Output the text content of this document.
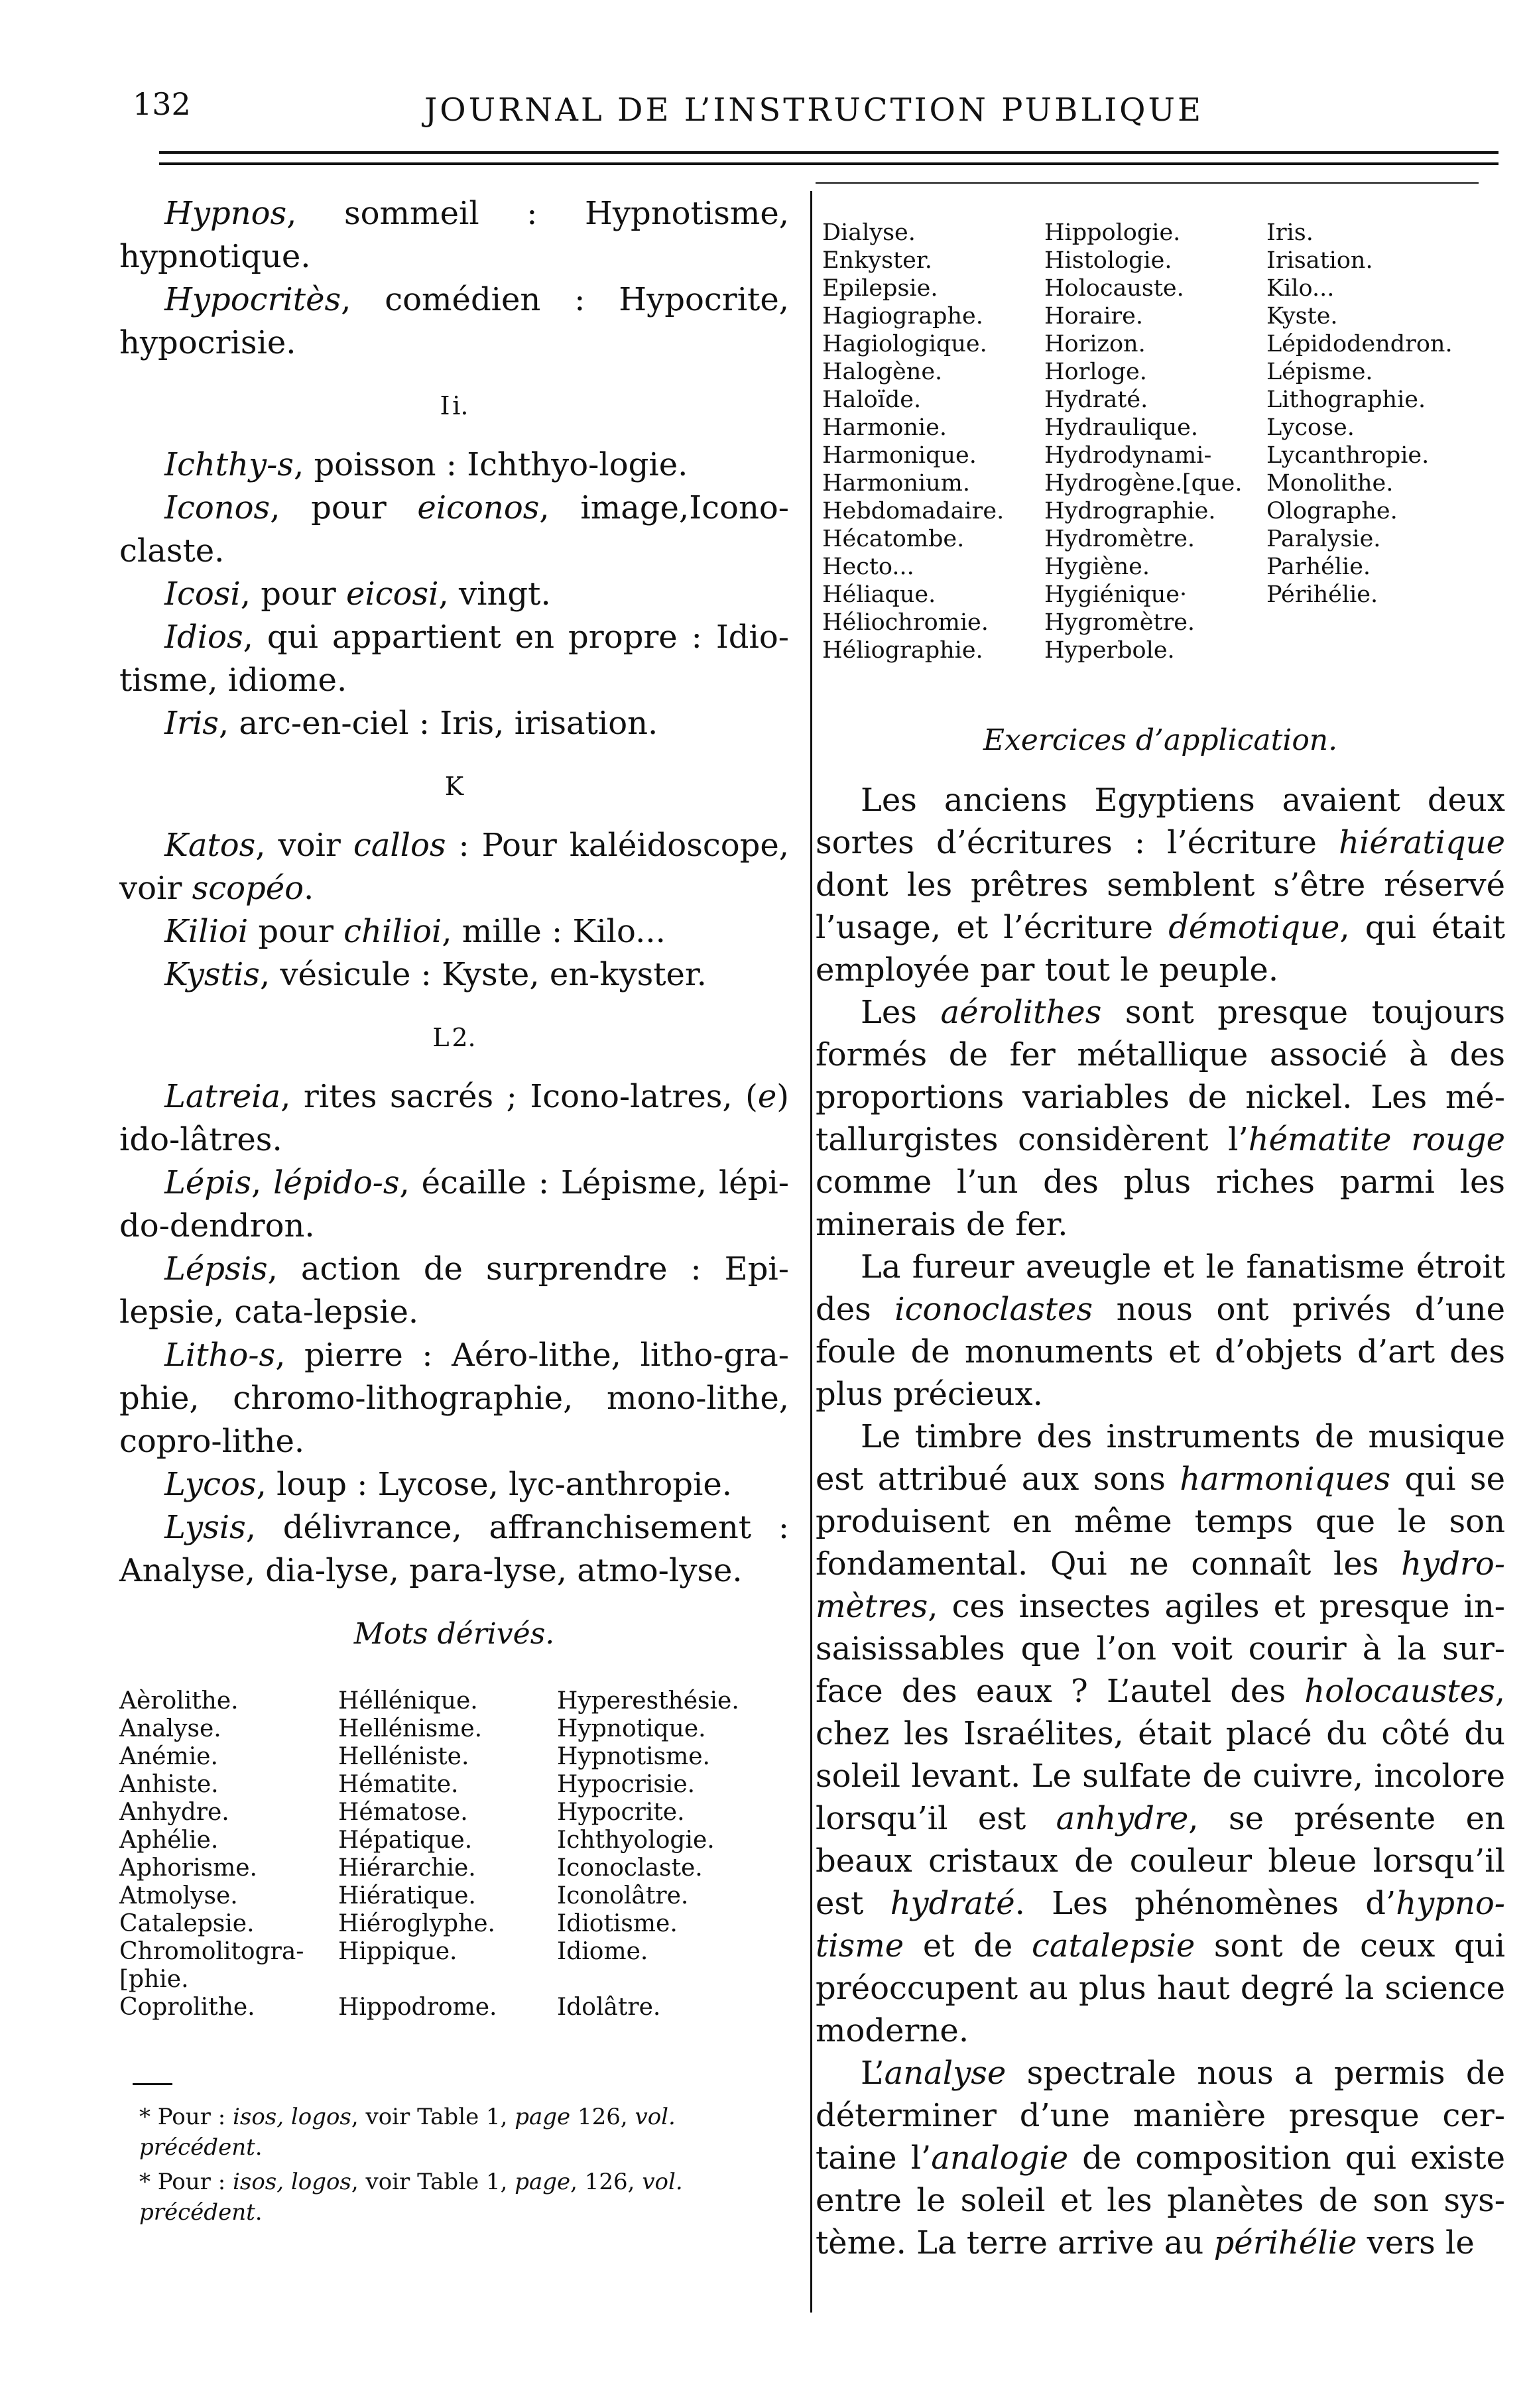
132	JOURNAL DE L’INSTRUCTION PUBLIQUE

Hypnos, sommeil : Hypnotisme, hypnotique.

Hypocritès, comédien : Hypocrite, hypocrisie.

I i.

Ichthy-s, poisson : Ichthyo-logie.

Iconos, pour eiconos, image,Icono-claste.

Icosi, pour eicosi, vingt.

Idios, qui appartient en propre : Idiotisme, idiome.

Iris, arc-en-ciel : Iris, irisation.

K

Katos, voir callos : Pour kaléidoscope, voir scopéo.

Kilioi pour chilioi, mille : Kilo...

Kystis, vésicule : Kyste, en-kyster.

L 2.

Latreia, rites sacrés ; Icono-latres, (e) ido-lâtres.

Lépis, lépido-s, écaille : Lépisme, lépido-dendron.

Lépsis, action de surprendre : Epilepsie, cata-lepsie.

Litho-s, pierre : Aéro-lithe, litho-graphie, chromo-lithographie, mono-lithe, copro-lithe.

Lycos, loup : Lycose, lyc-anthropie.

Lysis, délivrance, affranchisement : Analyse, dia-lyse, para-lyse, atmo-lyse.

Mots dérivés.

Aèrolithe.
Analyse.
Anémie.
Anhiste.
Anhydre.
Aphélie.
Aphorisme.
Atmolyse.
Catalepsie.
Chromolitogra-
[phie.
Coprolithe.
Héllénique.
Hellénisme.
Helléniste.
Hématite.
Hématose.
Hépatique.
Hiérarchie.
Hiératique.
Hiéroglyphe.
Hippique.

Hippodrome.
Hyperesthésie.
Hypnotique.
Hypnotisme.
Hypocrisie.
Hypocrite.
Ichthyologie.
Iconoclaste.
Iconolâtre.
Idiotisme.
Idiome.

Idolâtre.

* Pour : isos, logos, voir Table 1, page 126, vol. précédent.

* Pour : isos, logos, voir Table 1, page, 126, vol. précédent.

Dialyse.
Enkyster.
Epilepsie.
Hagiographe.
Hagiologique.
Halogène.
Haloïde.
Harmonie.
Harmonique.
Harmonium.
Hebdomadaire.
Hécatombe.
Hecto...
Héliaque.
Héliochromie.
Héliographie.
Hippologie.
Histologie.
Holocauste.
Horaire.
Horizon.
Horloge.
Hydraté.
Hydraulique.
Hydrodynami-
Hydrogène.[que.
Hydrographie.
Hydromètre.
Hygiène.
Hygiénique·
Hygromètre.
Hyperbole.
Iris.
Irisation.
Kilo...
Kyste.
Lépidodendron.
Lépisme.
Lithographie.
Lycose.
Lycanthropie.
Monolithe.
Olographe.
Paralysie.
Parhélie.
Périhélie.

Exercices d’application.

Les anciens Egyptiens avaient deux sortes d’écritures : l’écriture hiératique dont les prêtres semblent s’être réservé l’usage, et l’écriture démotique, qui était employée par tout le peuple.

Les aérolithes sont presque toujours formés de fer métallique associé à des proportions variables de nickel. Les métallurgistes considèrent l’hématite rouge comme l’un des plus riches parmi les minerais de fer.

La fureur aveugle et le fanatisme étroit des iconoclastes nous ont privés d’une foule de monuments et d’objets d’art des plus précieux.

Le timbre des instruments de musique est attribué aux sons harmoniques qui se produisent en même temps que le son fondamental. Qui ne connaît les hydromètres, ces insectes agiles et presque insaisissables que l’on voit courir à la surface des eaux ? L’autel des holocaustes, chez les Israélites, était placé du côté du soleil levant. Le sulfate de cuivre, incolore lorsqu’il est anhydre, se présente en beaux cristaux de couleur bleue lorsqu’il est hydraté. Les phénomènes d’hypnotisme et de catalepsie sont de ceux qui préoccupent au plus haut degré la science moderne.

L’analyse spectrale nous a permis de déterminer d’une manière presque certaine l’analogie de composition qui existe entre le soleil et les planètes de son système. La terre arrive au périhélie vers le
